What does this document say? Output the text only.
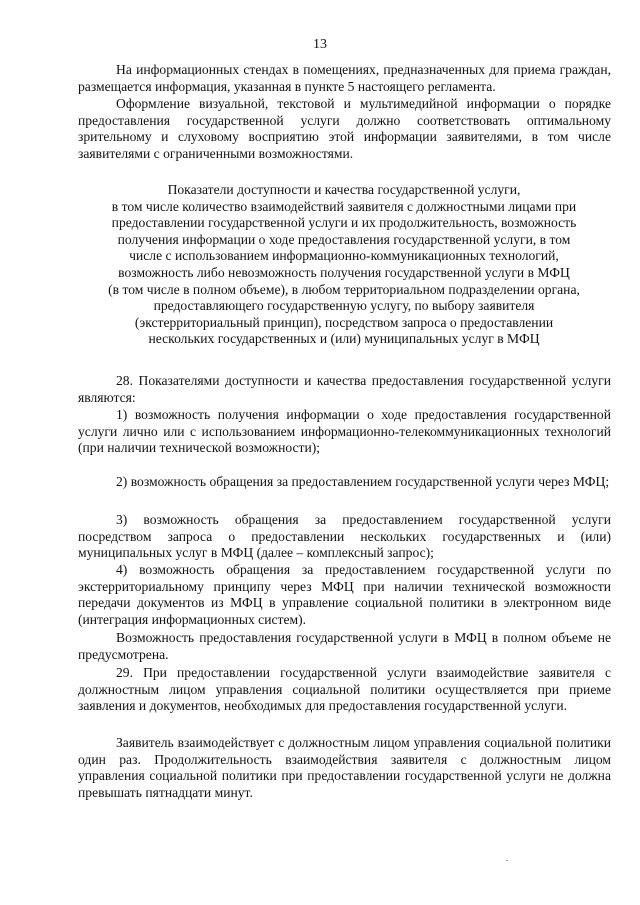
13

На информационных стендах в помещениях, предназначенных для приема граждан, размещается информация, указанная в пункте 5 настоящего регламента.

Оформление визуальной, текстовой и мультимедийной информации о порядке предоставления государственной услуги должно соответствовать оптимальному зрительному и слуховому восприятию этой информации заявителями, в том числе заявителями с ограниченными возможностями.

Показатели доступности и качества государственной услуги,
в том числе количество взаимодействий заявителя с должностными лицами при
предоставлении государственной услуги и их продолжительность, возможность
получения информации о ходе предоставления государственной услуги, в том
числе с использованием информационно-коммуникационных технологий,
возможность либо невозможность получения государственной услуги в МФЦ
(в том числе в полном объеме), в любом территориальном подразделении органа,
предоставляющего государственную услугу, по выбору заявителя
(экстерриториальный принцип), посредством запроса о предоставлении
нескольких государственных и (или) муниципальных услуг в МФЦ

28. Показателями доступности и качества предоставления государственной услуги являются:

1) возможность получения информации о ходе предоставления государственной услуги лично или с использованием информационно-телекоммуникационных технологий (при наличии технической возможности);

2) возможность обращения за предоставлением государственной услуги через МФЦ;

3) возможность обращения за предоставлением государственной услуги посредством запроса о предоставлении нескольких государственных и (или) муниципальных услуг в МФЦ (далее – комплексный запрос);

4) возможность обращения за предоставлением государственной услуги по экстерриториальному принципу через МФЦ при наличии технической возможности передачи документов из МФЦ в управление социальной политики в электронном виде (интеграция информационных систем).

Возможность предоставления государственной услуги в МФЦ в полном объеме не предусмотрена.

29. При предоставлении государственной услуги взаимодействие заявителя с должностным лицом управления социальной политики осуществляется при приеме заявления и документов, необходимых для предоставления государственной услуги.

Заявитель взаимодействует с должностным лицом управления социальной политики один раз. Продолжительность взаимодействия заявителя с должностным лицом управления социальной политики при предоставлении государственной услуги не должна превышать пятнадцати минут.
